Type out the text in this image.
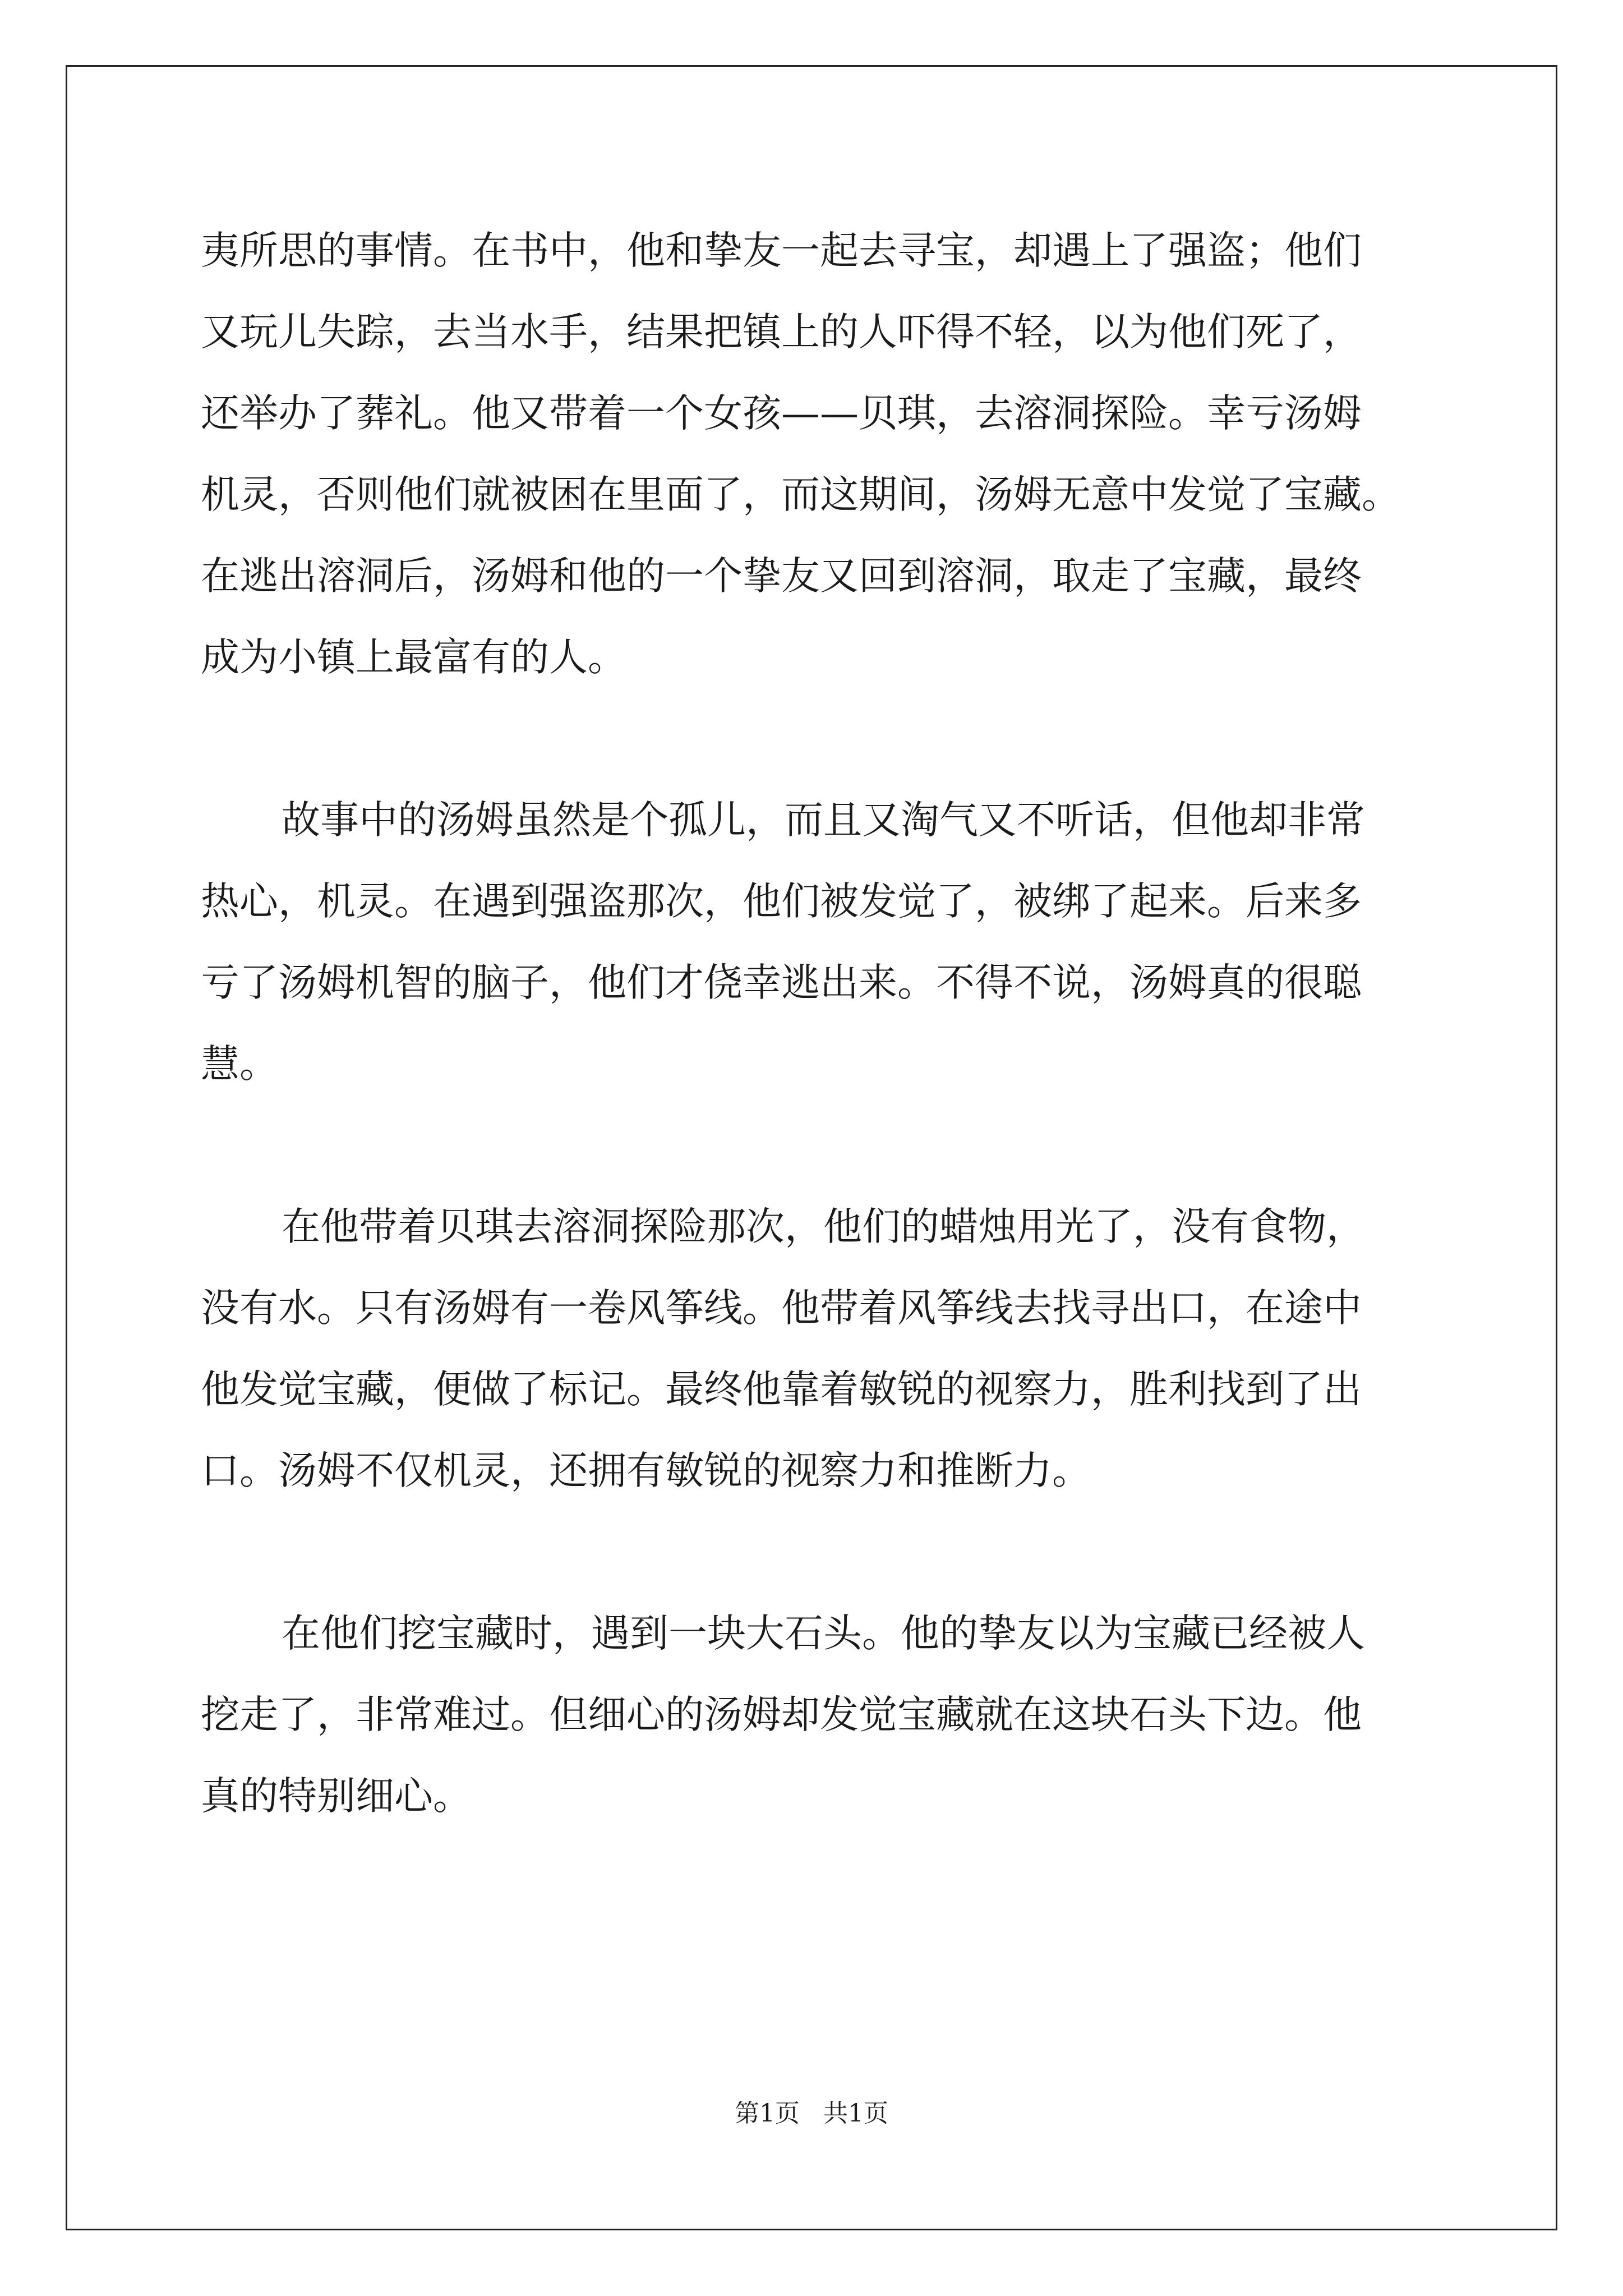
夷所思的事情。在书中，他和挚友一起去寻宝，却遇上了强盗；他们
又玩儿失踪，去当水手，结果把镇上的人吓得不轻，以为他们死了，
还举办了葬礼。他又带着一个女孩——贝琪，去溶洞探险。幸亏汤姆
机灵，否则他们就被困在里面了，而这期间，汤姆无意中发觉了宝藏。
在逃出溶洞后，汤姆和他的一个挚友又回到溶洞，取走了宝藏，最终
成为小镇上最富有的人。
故事中的汤姆虽然是个孤儿，而且又淘气又不听话，但他却非常
热心，机灵。在遇到强盗那次，他们被发觉了，被绑了起来。后来多
亏了汤姆机智的脑子，他们才侥幸逃出来。不得不说，汤姆真的很聪
慧。
在他带着贝琪去溶洞探险那次，他们的蜡烛用光了，没有食物，
没有水。只有汤姆有一卷风筝线。他带着风筝线去找寻出口，在途中
他发觉宝藏，便做了标记。最终他靠着敏锐的视察力，胜利找到了出
口。汤姆不仅机灵，还拥有敏锐的视察力和推断力。
在他们挖宝藏时，遇到一块大石头。他的挚友以为宝藏已经被人
挖走了，非常难过。但细心的汤姆却发觉宝藏就在这块石头下边。他
真的特别细心。
第1页   共1页
